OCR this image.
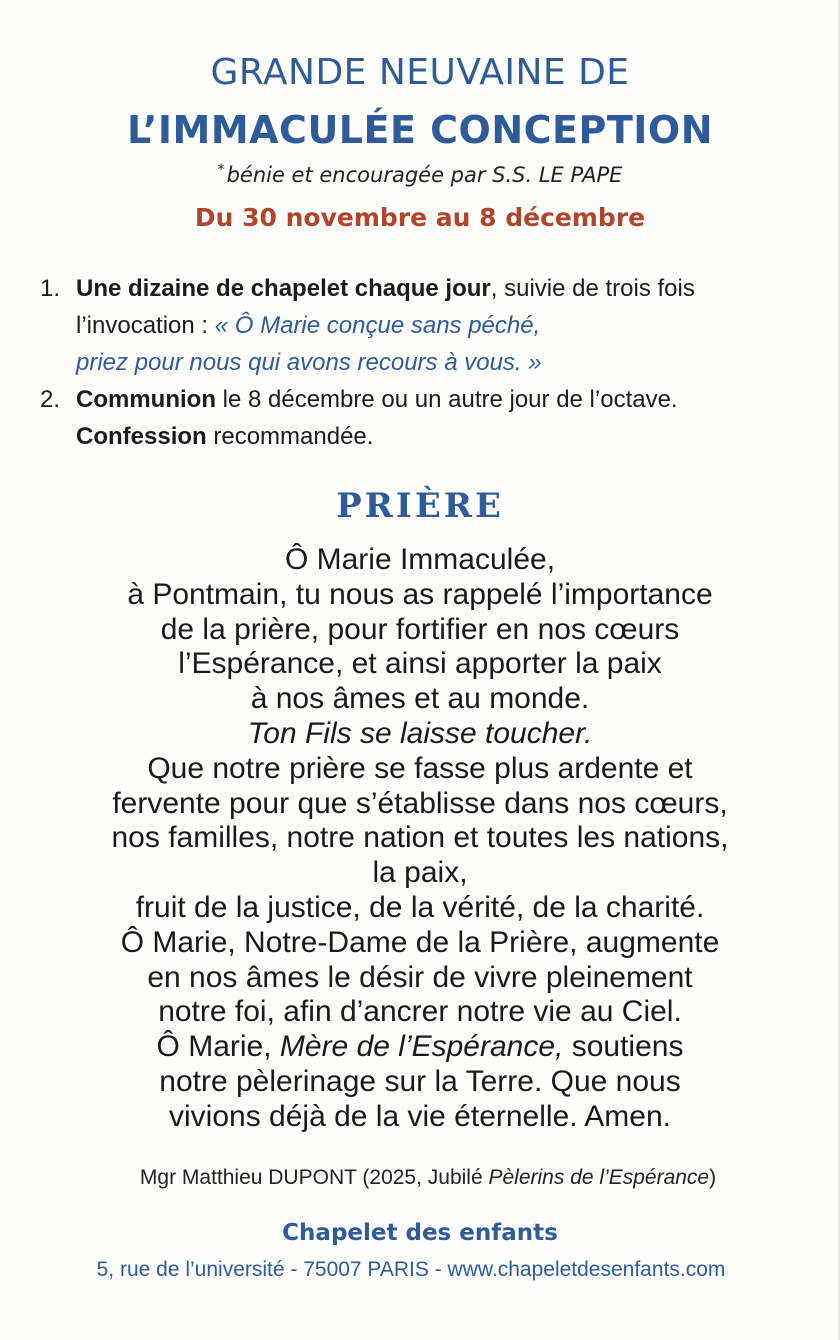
GRANDE NEUVAINE DE
L’IMMACULÉE CONCEPTION
*bénie et encouragée par S.S. LE PAPE
Du 30 novembre au 8 décembre
1. Une dizaine de chapelet chaque jour, suivie de trois fois l’invocation : « Ô Marie conçue sans péché,
priez pour nous qui avons recours à vous. »
2. Communion le 8 décembre ou un autre jour de l’octave.
Confession recommandée.
PRIÈRE
Ô Marie Immaculée,
à Pontmain, tu nous as rappelé l’importance
de la prière, pour fortifier en nos cœurs
l’Espérance, et ainsi apporter la paix
à nos âmes et au monde.
Ton Fils se laisse toucher.
Que notre prière se fasse plus ardente et
fervente pour que s’établisse dans nos cœurs,
nos familles, notre nation et toutes les nations,
la paix,
fruit de la justice, de la vérité, de la charité.
Ô Marie, Notre-Dame de la Prière, augmente
en nos âmes le désir de vivre pleinement
notre foi, afin d’ancrer notre vie au Ciel.
Ô Marie, Mère de l’Espérance, soutiens
notre pèlerinage sur la Terre. Que nous
vivions déjà de la vie éternelle. Amen.
Mgr Matthieu DUPONT (2025, Jubilé Pèlerins de l’Espérance)
Chapelet des enfants
5, rue de l’université - 75007 PARIS - www.chapeletdesenfants.com
